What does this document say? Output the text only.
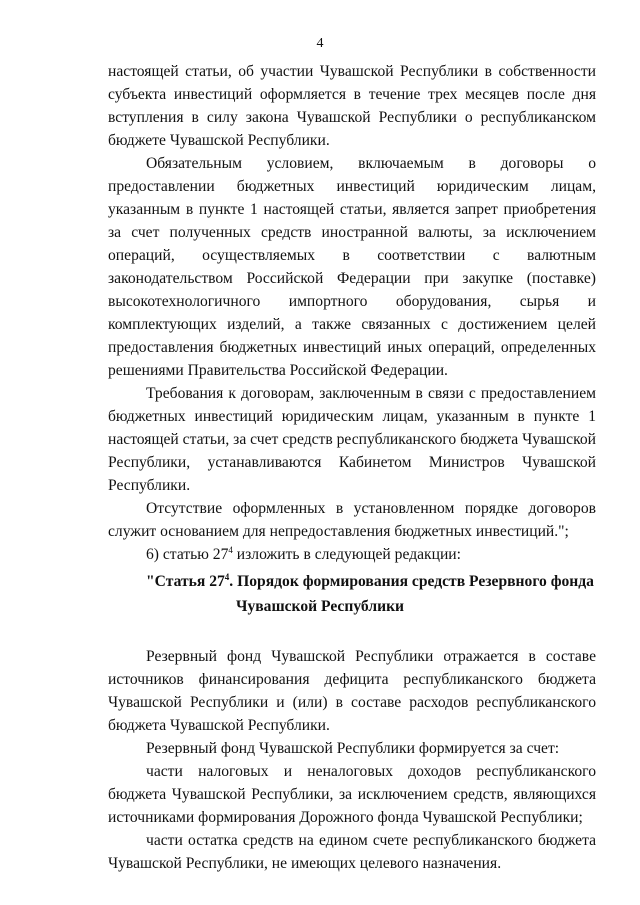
4

настоящей статьи, об участии Чувашской Республики в собственности субъекта инвестиций оформляется в течение трех месяцев после дня вступления в силу закона Чувашской Республики о республиканском бюджете Чувашской Республики.

Обязательным условием, включаемым в договоры о предоставлении бюджетных инвестиций юридическим лицам, указанным в пункте 1 настоящей статьи, является запрет приобретения за счет полученных средств иностранной валюты, за исключением операций, осуществляемых в соответствии с валютным законодательством Российской Федерации при закупке (поставке) высокотехнологичного импортного оборудования, сырья и комплектующих изделий, а также связанных с достижением целей предоставления бюджетных инвестиций иных операций, определенных решениями Правительства Российской Федерации.

Требования к договорам, заключенным в связи с предоставлением бюджетных инвестиций юридическим лицам, указанным в пункте 1 настоящей статьи, за счет средств республиканского бюджета Чувашской Республики, устанавливаются Кабинетом Министров Чувашской Республики.

Отсутствие оформленных в установленном порядке договоров служит основанием для непредоставления бюджетных инвестиций.";

6) статью $27^4$ изложить в следующей редакции:

"Статья $27^4$. Порядок формирования средств Резервного фонда
Чувашской Республики

Резервный фонд Чувашской Республики отражается в составе источников финансирования дефицита республиканского бюджета Чувашской Республики и (или) в составе расходов республиканского бюджета Чувашской Республики.

Резервный фонд Чувашской Республики формируется за счет:

части налоговых и неналоговых доходов республиканского бюджета Чувашской Республики, за исключением средств, являющихся источниками формирования Дорожного фонда Чувашской Республики;

части остатка средств на едином счете республиканского бюджета Чувашской Республики, не имеющих целевого назначения.
